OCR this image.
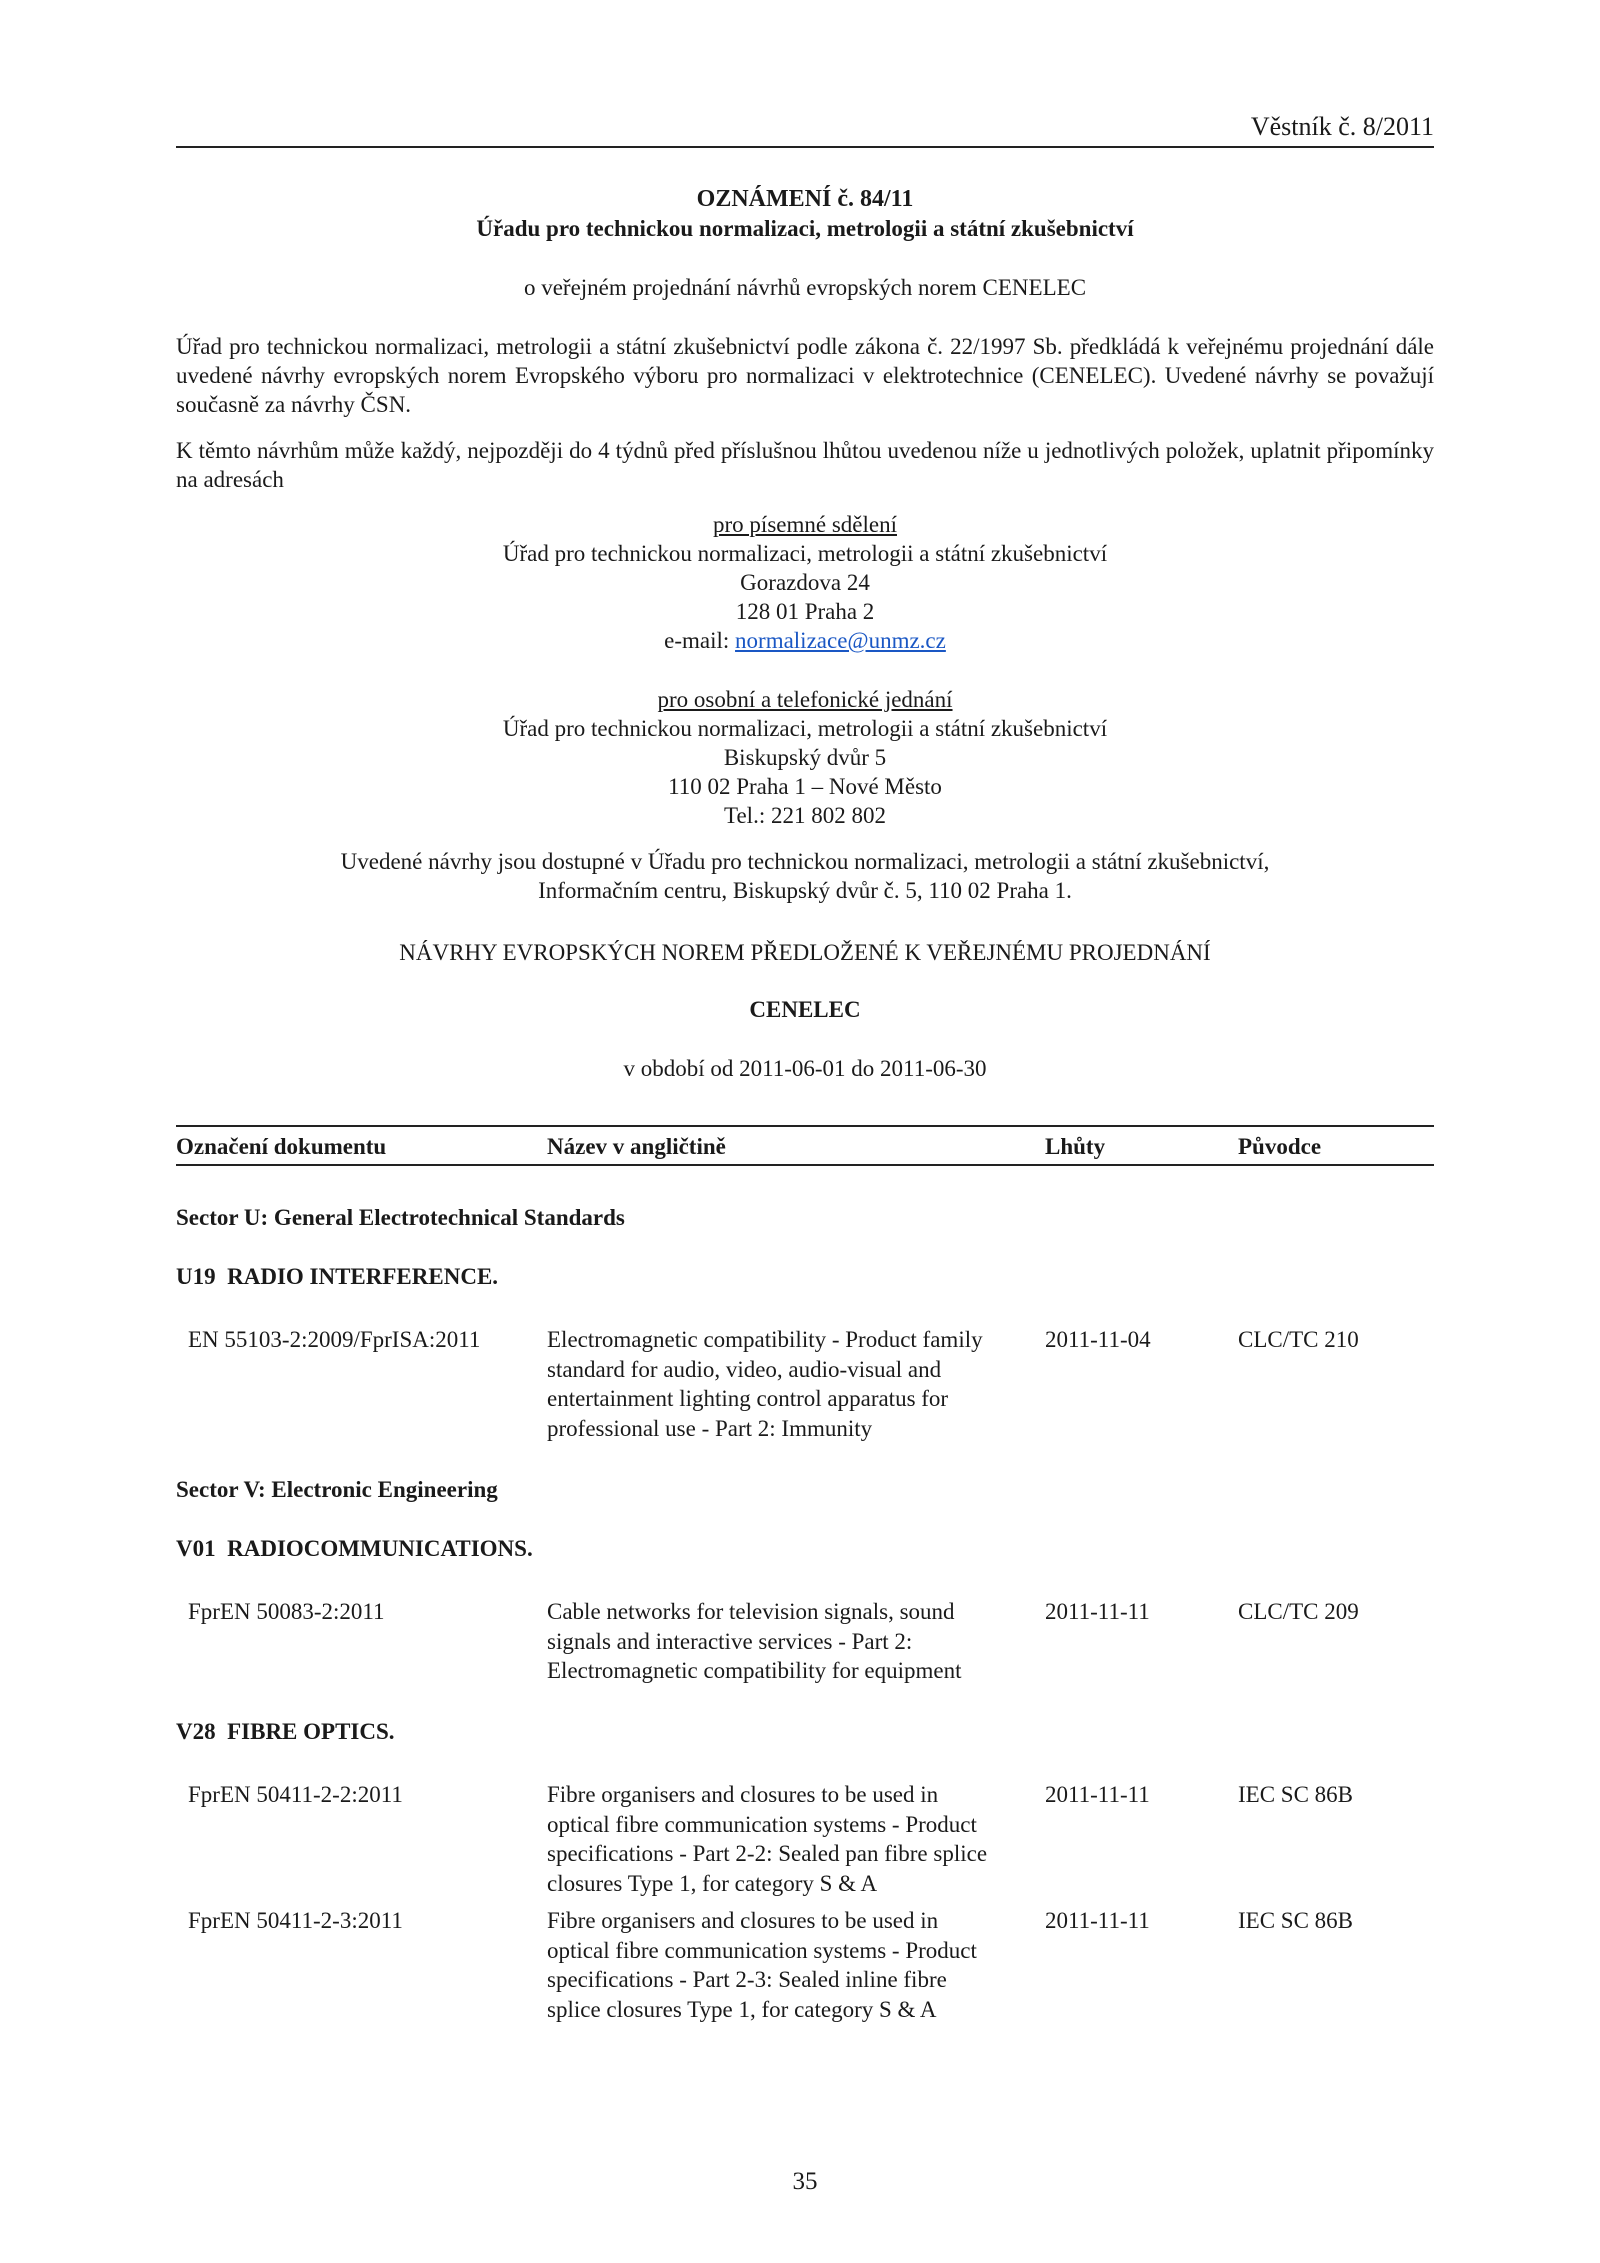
Věstník č. 8/2011
OZNÁMENÍ č. 84/11
Úřadu pro technickou normalizaci, metrologii a státní zkušebnictví
o veřejném projednání návrhů evropských norem CENELEC
Úřad pro technickou normalizaci, metrologii a státní zkušebnictví podle zákona č. 22/1997 Sb. předkládá k veřejnému projednání dále uvedené návrhy evropských norem Evropského výboru pro normalizaci v elektrotechnice (CENELEC). Uvedené návrhy se považují současně za návrhy ČSN.
K těmto návrhům může každý, nejpozději do 4 týdnů před příslušnou lhůtou uvedenou níže u jednotlivých položek, uplatnit připomínky na adresách
pro písemné sdělení
Úřad pro technickou normalizaci, metrologii a státní zkušebnictví
Gorazdova 24
128 01 Praha 2
e-mail: normalizace@unmz.cz
pro osobní a telefonické jednání
Úřad pro technickou normalizaci, metrologii a státní zkušebnictví
Biskupský dvůr 5
110 02 Praha 1 – Nové Město
Tel.: 221 802 802
Uvedené návrhy jsou dostupné v Úřadu pro technickou normalizaci, metrologii a státní zkušebnictví,
Informačním centru, Biskupský dvůr č. 5, 110 02 Praha 1.
NÁVRHY EVROPSKÝCH NOREM PŘEDLOŽENÉ K VEŘEJNÉMU PROJEDNÁNÍ
CENELEC
v období od 2011-06-01 do 2011-06-30
Označení dokumentu	Název v angličtině	Lhůty	Původce
Sector U: General Electrotechnical Standards
U19  RADIO INTERFERENCE.
EN 55103-2:2009/FprISA:2011	Electromagnetic compatibility - Product family
standard for audio, video, audio-visual and
entertainment lighting control apparatus for
professional use - Part 2: Immunity
2011-11-04	CLC/TC 210
Sector V: Electronic Engineering
V01  RADIOCOMMUNICATIONS.
FprEN 50083-2:2011	Cable networks for television signals, sound
signals and interactive services - Part 2:
Electromagnetic compatibility for equipment
2011-11-11	CLC/TC 209
V28  FIBRE OPTICS.
FprEN 50411-2-2:2011	Fibre organisers and closures to be used in
optical fibre communication systems - Product
specifications - Part 2-2: Sealed pan fibre splice
closures Type 1, for category S & A
2011-11-11	IEC SC 86B
FprEN 50411-2-3:2011	Fibre organisers and closures to be used in
optical fibre communication systems - Product
specifications - Part 2-3: Sealed inline fibre
splice closures Type 1, for category S & A
2011-11-11	IEC SC 86B
35
